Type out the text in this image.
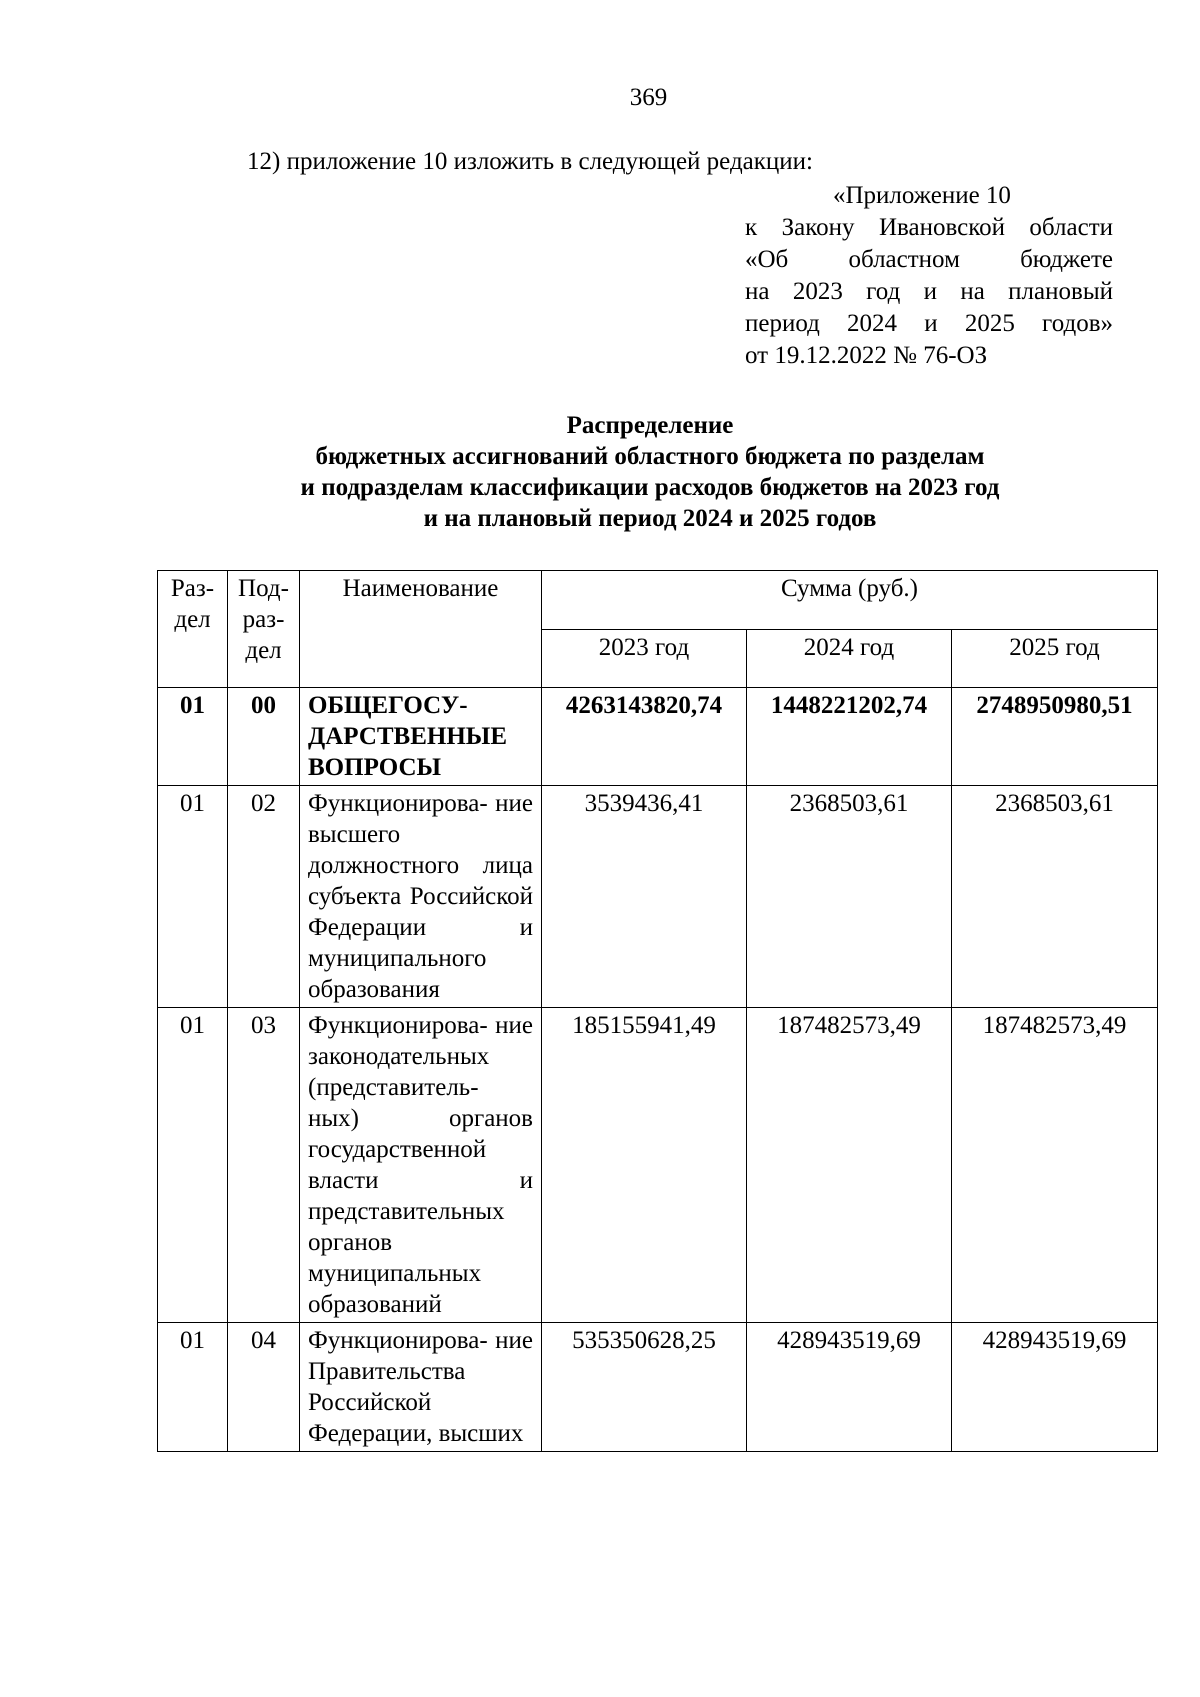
369
12) приложение 10 изложить в следующей редакции:
«Приложение 10
к Закону Ивановской области
«Об областном бюджете
на 2023 год и на плановый
период 2024 и 2025 годов»
от 19.12.2022 № 76-ОЗ
Распределение
бюджетных ассигнований областного бюджета по разделам
и подразделам классификации расходов бюджетов на 2023 год
и на плановый период 2024 и 2025 годов
Раз- дел	Под- раз- дел	Наименование	Сумма (руб.)		
			2023 год	2024 год	2025 год
01	00	ОБЩЕГОСУ- ДАРСТВЕННЫЕ ВОПРОСЫ	4263143820,74	1448221202,74	2748950980,51
01	02	Функционирова- ние высшего должностного лица субъекта Российской Федерации и муниципального образования	3539436,41	2368503,61	2368503,61
01	03	Функционирова- ние законодательных (представитель- ных) органов государственной власти и представительных органов муниципальных образований	185155941,49	187482573,49	187482573,49
01	04	Функционирова- ние Правительства Российской Федерации, высших	535350628,25	428943519,69	428943519,69
